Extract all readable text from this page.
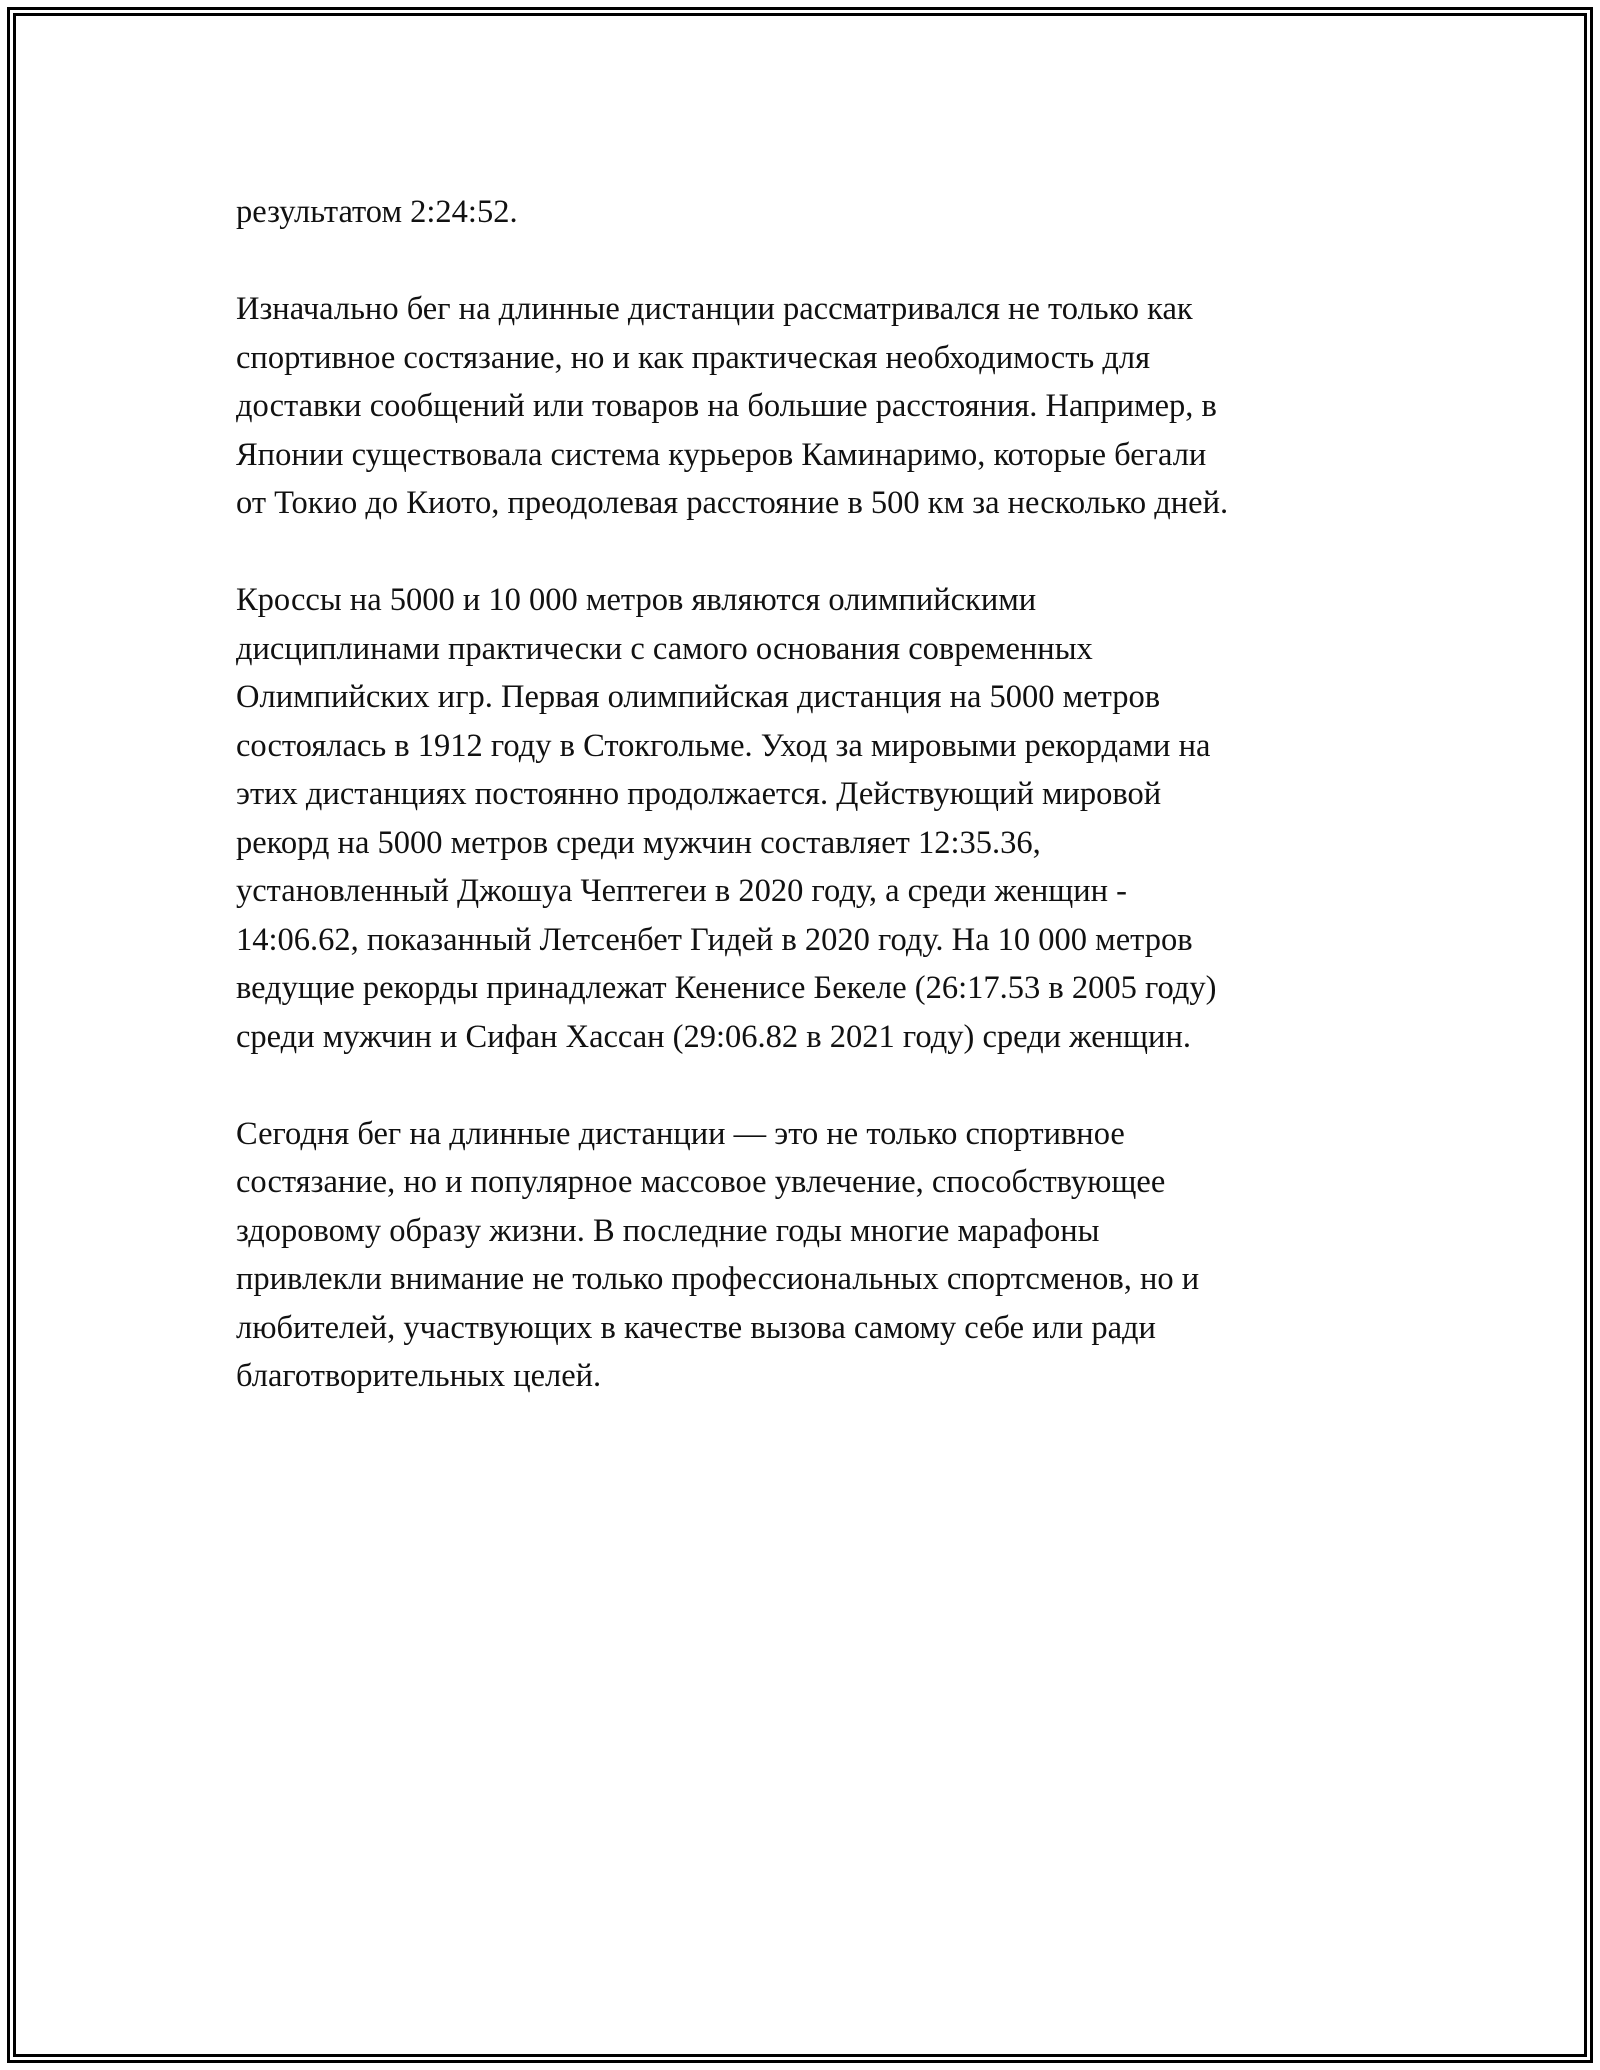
результатом 2:24:52.

Изначально бег на длинные дистанции рассматривался не только как
спортивное состязание, но и как практическая необходимость для
доставки сообщений или товаров на большие расстояния. Например, в
Японии существовала система курьеров Каминаримо, которые бегали
от Токио до Киото, преодолевая расстояние в 500 км за несколько дней.

Кроссы на 5000 и 10 000 метров являются олимпийскими
дисциплинами практически с самого основания современных
Олимпийских игр. Первая олимпийская дистанция на 5000 метров
состоялась в 1912 году в Стокгольме. Уход за мировыми рекордами на
этих дистанциях постоянно продолжается. Действующий мировой
рекорд на 5000 метров среди мужчин составляет 12:35.36,
установленный Джошуа Чептегеи в 2020 году, а среди женщин -
14:06.62, показанный Летсенбет Гидей в 2020 году. На 10 000 метров
ведущие рекорды принадлежат Кененисе Бекеле (26:17.53 в 2005 году)
среди мужчин и Сифан Хассан (29:06.82 в 2021 году) среди женщин.

Сегодня бег на длинные дистанции — это не только спортивное
состязание, но и популярное массовое увлечение, способствующее
здоровому образу жизни. В последние годы многие марафоны
привлекли внимание не только профессиональных спортсменов, но и
любителей, участвующих в качестве вызова самому себе или ради
благотворительных целей.
